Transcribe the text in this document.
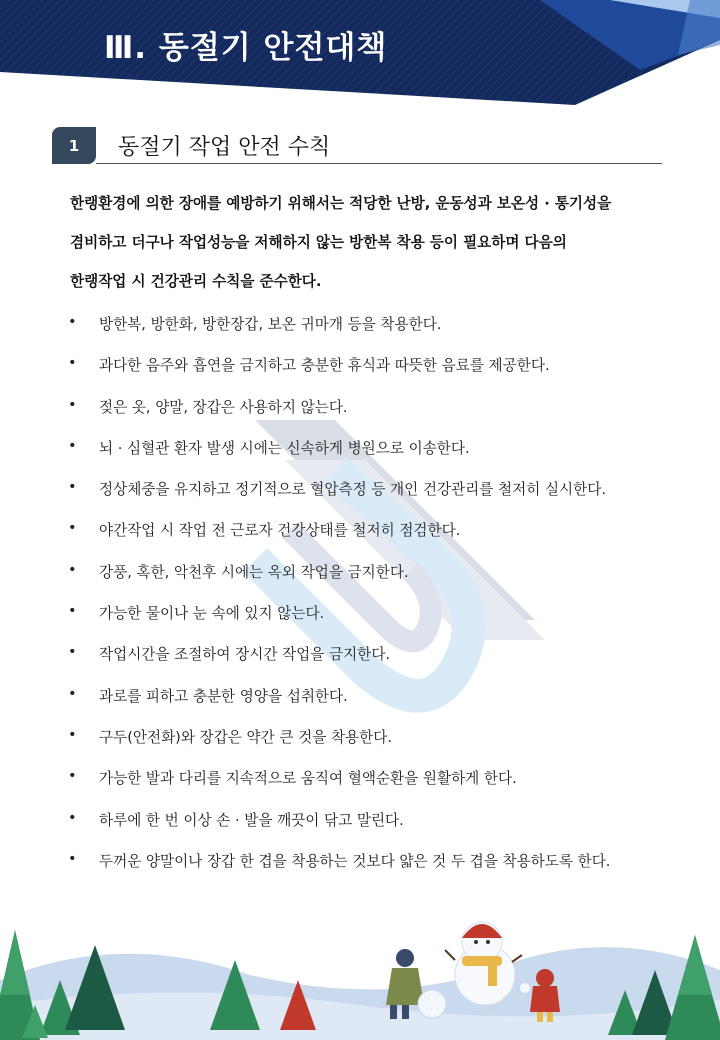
Ⅲ. 동절기 안전대책
1	동절기 작업 안전 수칙
한랭환경에 의한 장애를 예방하기 위해서는 적당한 난방, 운동성과 보온성 · 통기성을
겸비하고 더구나 작업성능을 저해하지 않는 방한복 착용 등이 필요하며 다음의
한랭작업 시 건강관리 수칙을 준수한다.
•	방한복, 방한화, 방한장갑, 보온 귀마개 등을 착용한다.
•	과다한 음주와 흡연을 금지하고 충분한 휴식과 따뜻한 음료를 제공한다.
•	젖은 옷, 양말, 장갑은 사용하지 않는다.
•	뇌 · 심혈관 환자 발생 시에는 신속하게 병원으로 이송한다.
•	정상체중을 유지하고 정기적으로 혈압측정 등 개인 건강관리를 철저히 실시한다.
•	야간작업 시 작업 전 근로자 건강상태를 철저히 점검한다.
•	강풍, 혹한, 악천후 시에는 옥외 작업을 금지한다.
•	가능한 물이나 눈 속에 있지 않는다.
•	작업시간을 조절하여 장시간 작업을 금지한다.
•	과로를 피하고 충분한 영양을 섭취한다.
•	구두(안전화)와 장갑은 약간 큰 것을 착용한다.
•	가능한 발과 다리를 지속적으로 움직여 혈액순환을 원활하게 한다.
•	하루에 한 번 이상 손 · 발을 깨끗이 닦고 말린다.
•	두꺼운 양말이나 장갑 한 겹을 착용하는 것보다 얇은 것 두 겹을 착용하도록 한다.
